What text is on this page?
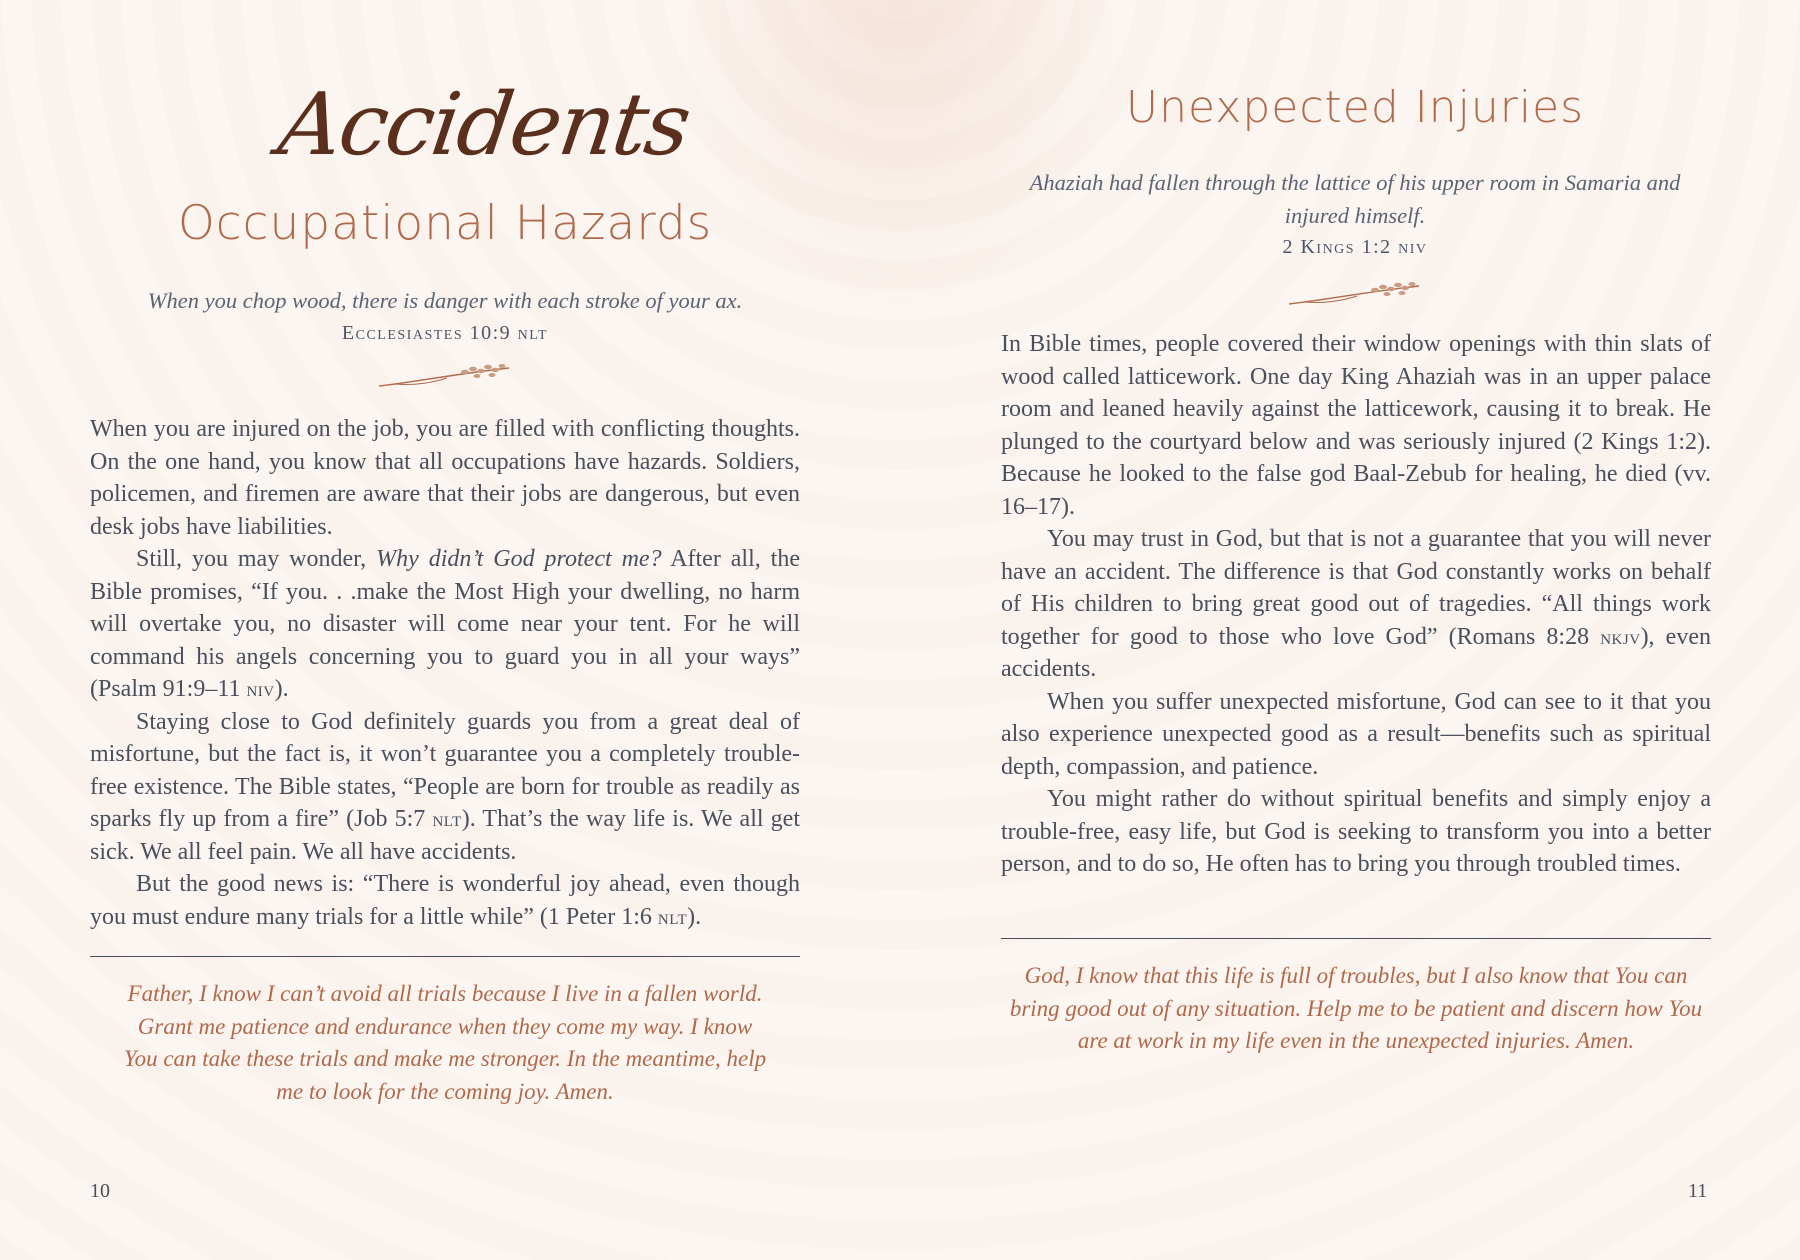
Accidents
Occupational Hazards
When you chop wood, there is danger with each stroke of your ax.
Ecclesiastes 10:9 nlt

When you are injured on the job, you are filled with conflicting thoughts. On the one hand, you know that all occupations have hazards. Soldiers, policemen, and firemen are aware that their jobs are dangerous, but even desk jobs have liabilities.

Still, you may wonder, Why didn’t God protect me? After all, the Bible promises, “If you. . .make the Most High your dwelling, no harm will overtake you, no disaster will come near your tent. For he will command his angels concerning you to guard you in all your ways” (Psalm 91:9–11 niv).

Staying close to God definitely guards you from a great deal of misfortune, but the fact is, it won’t guarantee you a completely trouble-free existence. The Bible states, “People are born for trouble as readily as sparks fly up from a fire” (Job 5:7 nlt). That’s the way life is. We all get sick. We all feel pain. We all have accidents.

But the good news is: “There is wonderful joy ahead, even though you must endure many trials for a little while” (1 Peter 1:6 nlt).

Father, I know I can’t avoid all trials because I live in a fallen world. Grant me patience and endurance when they come my way. I know You can take these trials and make me stronger. In the meantime, help me to look for the coming joy. Amen.
10
Unexpected Injuries
Ahaziah had fallen through the lattice of his upper room in Samaria and injured himself.
2 Kings 1:2 niv

In Bible times, people covered their window openings with thin slats of wood called latticework. One day King Ahaziah was in an upper palace room and leaned heavily against the latticework, causing it to break. He plunged to the courtyard below and was seriously injured (2 Kings 1:2). Because he looked to the false god Baal-Zebub for healing, he died (vv. 16–17).

You may trust in God, but that is not a guarantee that you will never have an accident. The difference is that God constantly works on behalf of His children to bring great good out of tragedies. “All things work together for good to those who love God” (Romans 8:28 nkjv), even accidents.

When you suffer unexpected misfortune, God can see to it that you also experience unexpected good as a result—benefits such as spiritual depth, compassion, and patience.

You might rather do without spiritual benefits and simply enjoy a trouble-free, easy life, but God is seeking to transform you into a better person, and to do so, He often has to bring you through troubled times.

God, I know that this life is full of troubles, but I also know that You can bring good out of any situation. Help me to be patient and discern how You are at work in my life even in the unexpected injuries. Amen.
11
